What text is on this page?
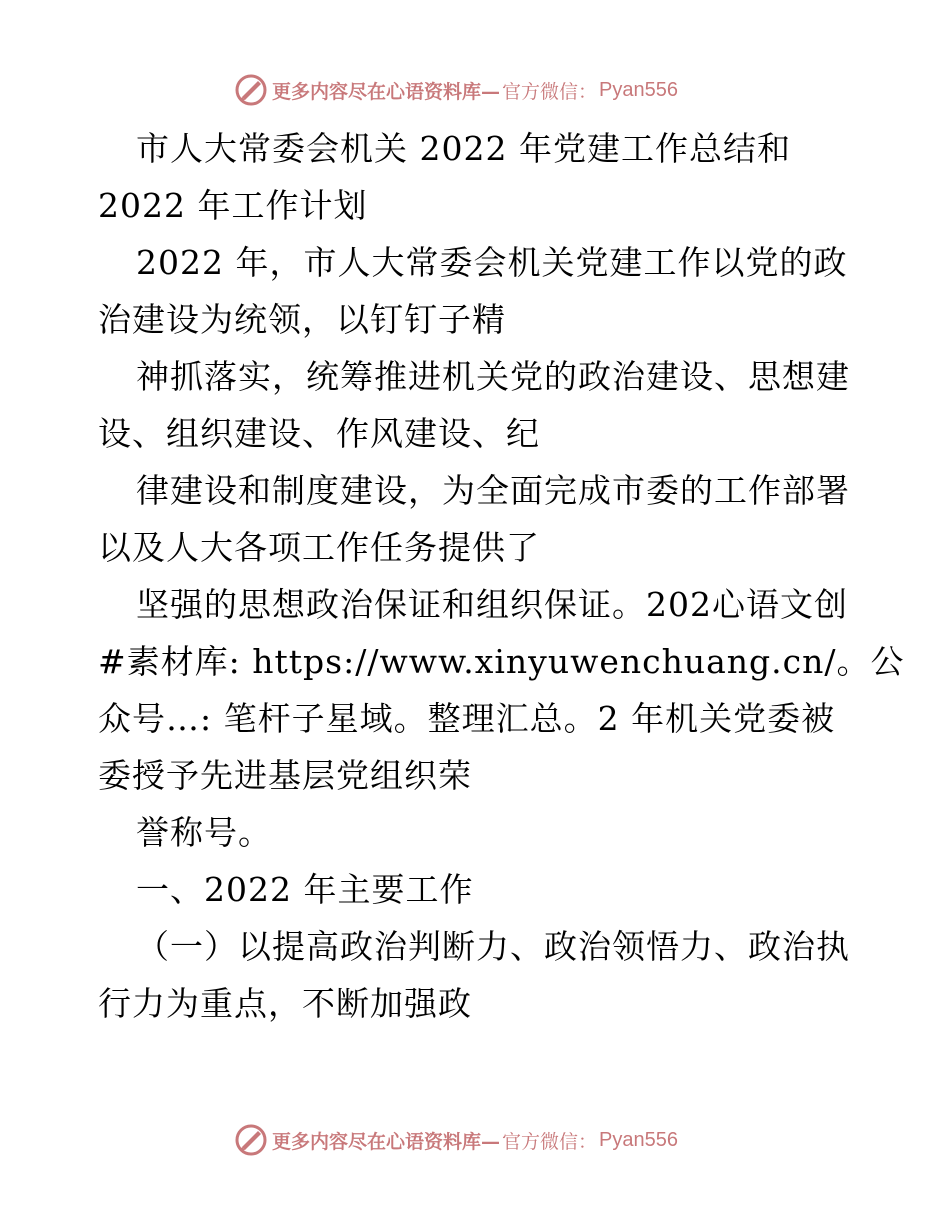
更多内容尽在心语资料库— 官方微信： Pyan556
市人大常委会机关 2022 年党建工作总结和
2022 年工作计划
2022 年，市人大常委会机关党建工作以党的政
治建设为统领，以钉钉子精
神抓落实，统筹推进机关党的政治建设、思想建
设、组织建设、作风建设、纪
律建设和制度建设，为全面完成市委的工作部署
以及人大各项工作任务提供了
坚强的思想政治保证和组织保证。202心语文创
#素材库: https://www.xinyuwenchuang.cn/。公
众号…: 笔杆子星域。整理汇总。2 年机关党委被
委授予先进基层党组织荣
誉称号。
一、2022 年主要工作
（一）以提高政治判断力、政治领悟力、政治执
行力为重点，不断加强政
更多内容尽在心语资料库— 官方微信： Pyan556
